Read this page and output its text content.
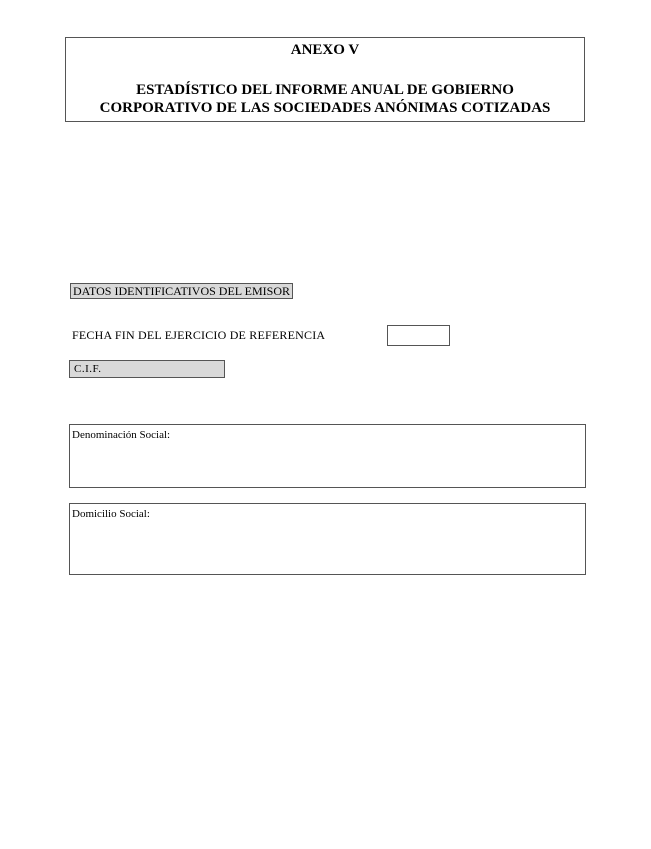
ANEXO V
ESTADÍSTICO DEL INFORME ANUAL DE GOBIERNO
CORPORATIVO DE LAS SOCIEDADES ANÓNIMAS COTIZADAS
DATOS IDENTIFICATIVOS DEL EMISOR
FECHA FIN DEL EJERCICIO DE REFERENCIA
C.I.F.
Denominación Social:
Domicilio Social:
